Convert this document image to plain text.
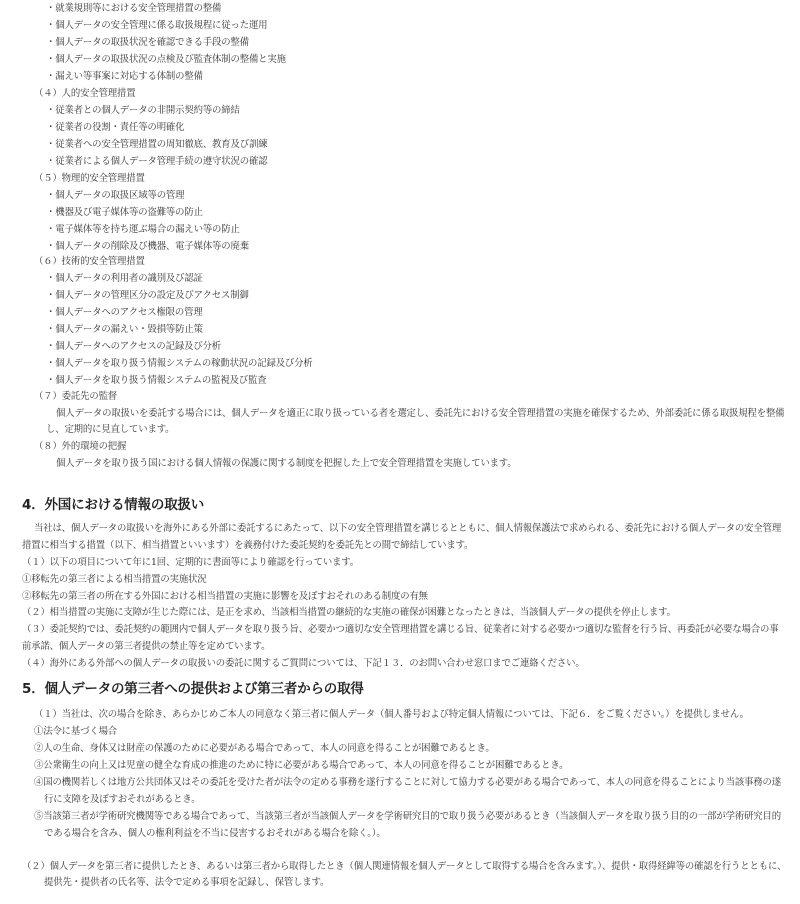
・就業規則等における安全管理措置の整備
・個人データの安全管理に係る取扱規程に従った運用
・個人データの取扱状況を確認できる手段の整備
・個人データの取扱状況の点検及び監査体制の整備と実施
・漏えい等事案に対応する体制の整備
（４）人的安全管理措置
・従業者との個人データの非開示契約等の締結
・従業者の役割・責任等の明確化
・従業者への安全管理措置の周知徹底、教育及び訓練
・従業者による個人データ管理手続の遵守状況の確認
（５）物理的安全管理措置
・個人データの取扱区域等の管理
・機器及び電子媒体等の盗難等の防止
・電子媒体等を持ち運ぶ場合の漏えい等の防止
・個人データの削除及び機器、電子媒体等の廃棄
（６）技術的安全管理措置
・個人データの利用者の識別及び認証
・個人データの管理区分の設定及びアクセス制御
・個人データへのアクセス権限の管理
・個人データの漏えい・毀損等防止策
・個人データへのアクセスの記録及び分析
・個人データを取り扱う情報システムの稼動状況の記録及び分析
・個人データを取り扱う情報システムの監視及び監査
（７）委託先の監督
個人データの取扱いを委託する場合には、個人データを適正に取り扱っている者を選定し、委託先における安全管理措置の実施を確保するため、外部委託に係る取扱規程を整備
し、定期的に見直しています。
（８）外的環境の把握
個人データを取り扱う国における個人情報の保護に関する制度を把握した上で安全管理措置を実施しています。
4．外国における情報の取扱い
当社は、個人データの取扱いを海外にある外部に委託するにあたって、以下の安全管理措置を講じるとともに、個人情報保護法で求められる、委託先における個人データの安全管理
措置に相当する措置（以下、相当措置といいます）を義務付けた委託契約を委託先との間で締結しています。
（１）以下の項目について年に1回、定期的に書面等により確認を行っています。
①移転先の第三者による相当措置の実施状況
②移転先の第三者の所在する外国における相当措置の実施に影響を及ぼすおそれのある制度の有無
（２）相当措置の実施に支障が生じた際には、是正を求め、当該相当措置の継続的な実施の確保が困難となったときは、当該個人データの提供を停止します。
（３）委託契約では、委託契約の範囲内で個人データを取り扱う旨、必要かつ適切な安全管理措置を講じる旨、従業者に対する必要かつ適切な監督を行う旨、再委託が必要な場合の事
前承諾、個人データの第三者提供の禁止等を定めています。
（４）海外にある外部への個人データの取扱いの委託に関するご質問については、下記１３．のお問い合わせ窓口までご連絡ください。
5．個人データの第三者への提供および第三者からの取得
（１）当社は、次の場合を除き、あらかじめご本人の同意なく第三者に個人データ（個人番号および特定個人情報については、下記６．をご覧ください。）を提供しません。
①法令に基づく場合
②人の生命、身体又は財産の保護のために必要がある場合であって、本人の同意を得ることが困難であるとき。
③公衆衛生の向上又は児童の健全な育成の推進のために特に必要がある場合であって、本人の同意を得ることが困難であるとき。
④国の機関若しくは地方公共団体又はその委託を受けた者が法令の定める事務を遂行することに対して協力する必要がある場合であって、本人の同意を得ることにより当該事務の遂
行に支障を及ぼすおそれがあるとき。
⑤当該第三者が学術研究機関等である場合であって、当該第三者が当該個人データを学術研究目的で取り扱う必要があるとき（当該個人データを取り扱う目的の一部が学術研究目的
である場合を含み、個人の権利利益を不当に侵害するおそれがある場合を除く。）。
（２）個人データを第三者に提供したとき、あるいは第三者から取得したとき（個人関連情報を個人データとして取得する場合を含みます。）、提供・取得経緯等の確認を行うとともに、
提供先・提供者の氏名等、法令で定める事項を記録し、保管します。
